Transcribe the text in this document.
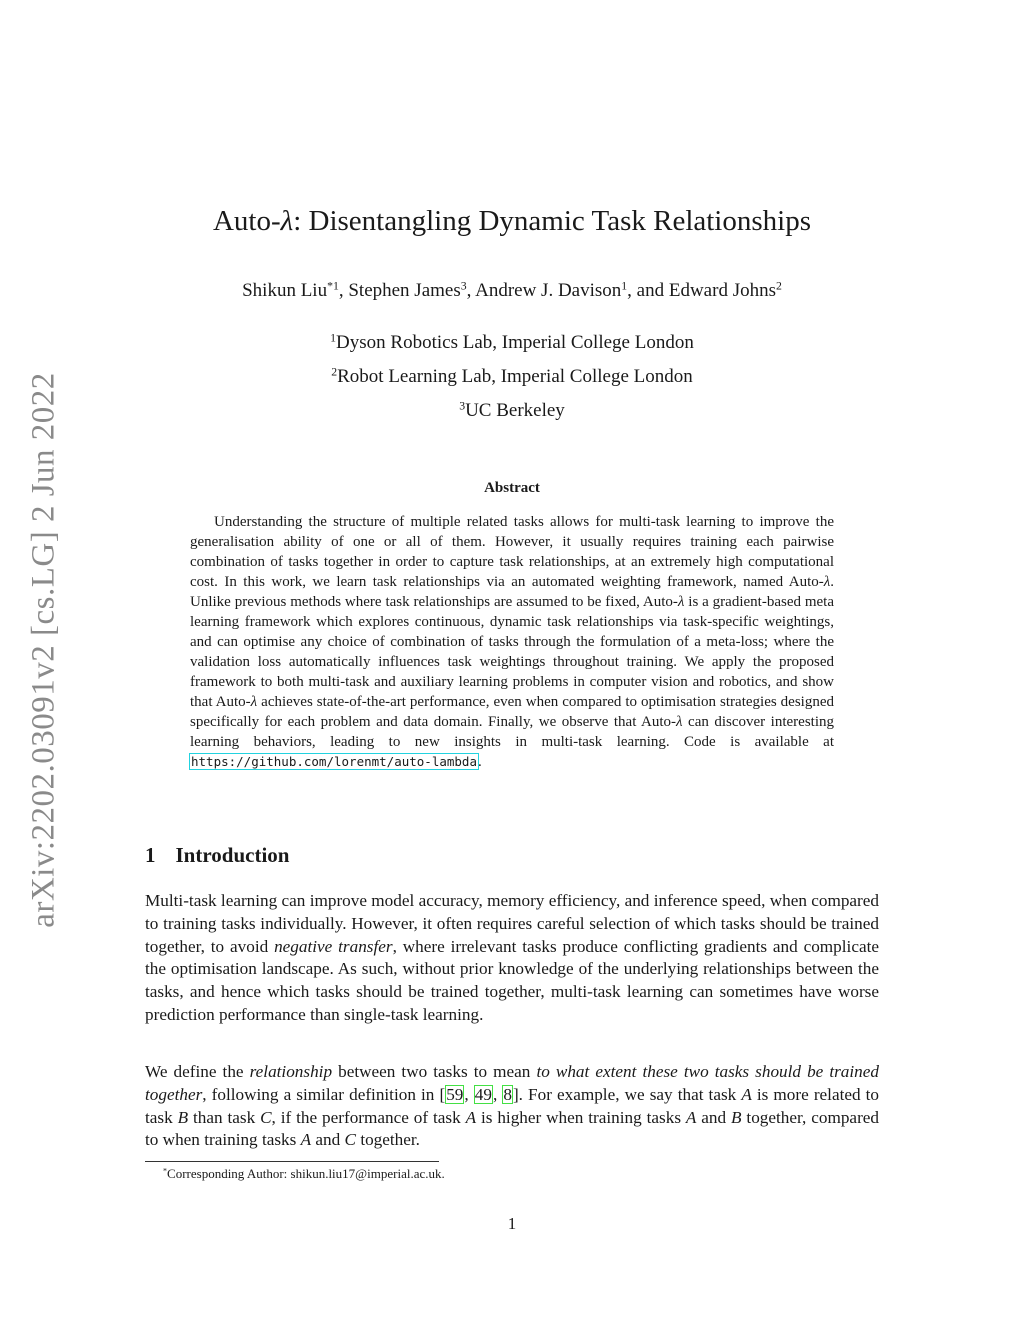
arXiv:2202.03091v2 [cs.LG] 2 Jun 2022
Auto-λ: Disentangling Dynamic Task Relationships
Shikun Liu$^{*1}$, Stephen James$^3$, Andrew J. Davison$^1$, and Edward Johns$^2$
$^1$Dyson Robotics Lab, Imperial College London
$^2$Robot Learning Lab, Imperial College London
$^3$UC Berkeley
Abstract

Understanding the structure of multiple related tasks allows for multi-task learning to improve the generalisation ability of one or all of them. However, it usually requires training each pairwise combination of tasks together in order to capture task relationships, at an extremely high computational cost. In this work, we learn task relationships via an automated weighting framework, named Auto-λ. Unlike previous methods where task relationships are assumed to be fixed, Auto-λ is a gradient-based meta learning framework which explores continuous, dynamic task relationships via task-specific weightings, and can optimise any choice of combination of tasks through the formulation of a meta-loss; where the validation loss automatically influences task weightings throughout training. We apply the proposed framework to both multi-task and auxiliary learning problems in computer vision and robotics, and show that Auto-λ achieves state-of-the-art performance, even when compared to optimisation strategies designed specifically for each problem and data domain. Finally, we observe that Auto-λ can discover interesting learning behaviors, leading to new insights in multi-task learning. Code is available at https://github.com/lorenmt/auto-lambda.

1 Introduction

Multi-task learning can improve model accuracy, memory efficiency, and inference speed, when compared to training tasks individually. However, it often requires careful selection of which tasks should be trained together, to avoid negative transfer, where irrelevant tasks produce conflicting gradients and complicate the optimisation landscape. As such, without prior knowledge of the underlying relationships between the tasks, and hence which tasks should be trained together, multi-task learning can sometimes have worse prediction performance than single-task learning.

We define the relationship between two tasks to mean to what extent these two tasks should be trained together, following a similar definition in [59, 49, 8]. For example, we say that task A is more related to task B than task C, if the performance of task A is higher when training tasks A and B together, compared to when training tasks A and C together.

*Corresponding Author: shikun.liu17@imperial.ac.uk.
1
